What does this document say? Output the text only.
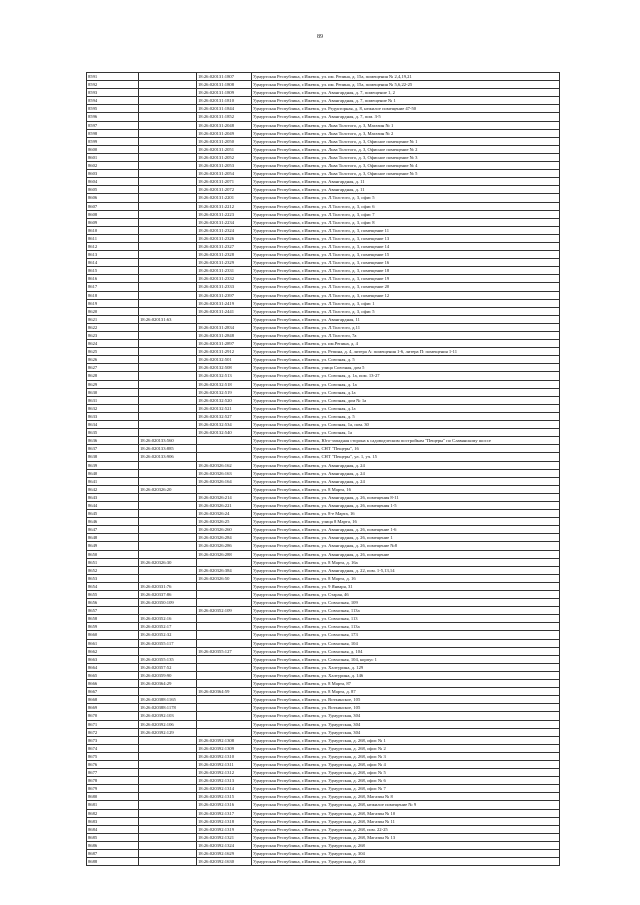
89
8591		18:26:020131:1807	Удмуртская Республика, г.Ижевск, ул. им. Репина, д. 15а, помещения № 2,4,19,21
8592		18:26:020131:1808	Удмуртская Республика, г.Ижевск, ул. им. Репина, д. 15а, помещения № 5,6,22-25
8593		18:26:020131:1809	Удмуртская Республика, г.Ижевск, ул. Авангардная, д. 7, помещение 1, 2
8594		18:26:020131:1810	Удмуртская Республика, г.Ижевск, ул. Авангардная, д. 7, помещение № 1
8595		18:26:020131:1844	Удмуртская Республика, г.Ижевск, ул. Редукторная, д. 8, нежилое помещение 47-50
8596		18:26:020131:1852	Удмуртская Республика, г.Ижевск, ул. Авангардная, д. 7, пом. 3-5
8597		18:26:020131:2048	Удмуртская Республика, г.Ижевск, ул. Льва Толстого, д. 3, Магазин № 1
8598		18:26:020131:2049	Удмуртская Республика, г.Ижевск, ул. Льва Толстого, д. 3, Магазин № 2
8599		18:26:020131:2050	Удмуртская Республика, г.Ижевск, ул. Льва Толстого, д. 3, Офисное помещение № 1
8600		18:26:020131:2051	Удмуртская Республика, г.Ижевск, ул. Льва Толстого, д. 3, Офисное помещение № 2
8601		18:26:020131:2052	Удмуртская Республика, г.Ижевск, ул. Льва Толстого, д. 3, Офисное помещение № 3
8602		18:26:020131:2053	Удмуртская Республика, г.Ижевск, ул. Льва Толстого, д. 3, Офисное помещение № 4
8603		18:26:020131:2054	Удмуртская Республика, г.Ижевск, ул. Льва Толстого, д. 3, Офисное помещение № 5
8604		18:26:020131:2071	Удмуртская Республика, г.Ижевск, ул. Авангардная, д. 11
8605		18:26:020131:2072	Удмуртская Республика, г.Ижевск, ул. Авангардная, д. 11
8606		18:26:020131:2201	Удмуртская Республика, г.Ижевск, ул. Л.Толстого, д. 3, офис 5
8607		18:26:020131:2212	Удмуртская Республика, г.Ижевск, ул. Л.Толстого, д. 3, офис 6
8608		18:26:020131:2223	Удмуртская Республика, г.Ижевск, ул. Л.Толстого, д. 3, офис 7
8609		18:26:020131:2234	Удмуртская Республика, г.Ижевск, ул. Л.Толстого, д. 3, офис 8
8610		18:26:020131:2324	Удмуртская Республика, г.Ижевск, ул. Л.Толстого, д. 3, помещение 11
8611		18:26:020131:2326	Удмуртская Республика, г.Ижевск, ул. Л.Толстого, д. 3, помещение 13
8612		18:26:020131:2327	Удмуртская Республика, г.Ижевск, ул. Л.Толстого, д. 3, помещение 14
8613		18:26:020131:2328	Удмуртская Республика, г.Ижевск, ул. Л.Толстого, д. 3, помещение 15
8614		18:26:020131:2329	Удмуртская Республика, г.Ижевск, ул. Л.Толстого, д. 3, помещение 16
8615		18:26:020131:2331	Удмуртская Республика, г.Ижевск, ул. Л.Толстого, д. 3, помещение 18
8616		18:26:020131:2332	Удмуртская Республика, г.Ижевск, ул. Л.Толстого, д. 3, помещение 19
8617		18:26:020131:2333	Удмуртская Республика, г.Ижевск, ул. Л.Толстого, д. 3, помещение 20
8618		18:26:020131:2397	Удмуртская Республика, г.Ижевск, ул. Л.Толстого, д. 3, помещение 12
8619		18:26:020131:2419	Удмуртская Республика, г.Ижевск, ул. Л.Толстого, д. 3, офис 1
8620		18:26:020131:2441	Удмуртская Республика, г.Ижевск, ул. Л.Толстого, д. 3, офис 5
8621	18:26:020131:63		Удмуртская Республика, г.Ижевск, ул. Авангардная, 11
8622		18:26:020131:2834	Удмуртская Республика, г.Ижевск, ул. Л.Толстого, д.11
8623		18:26:020131:2848	Удмуртская Республика, г.Ижевск, ул. Л.Толстого, 7а
8624		18:26:020131:2897	Удмуртская Республика, г.Ижевск, ул. им.Репина, д. 4
8625		18:26:020131:2912	Удмуртская Республика, г.Ижевск, ул. Репина, д. 4, литера А: помещения 1-6, литера П: помещения 1-11
8626		18:26:020132:501	Удмуртская Республика, г.Ижевск, ул. Союзная, д. 5
8627		18:26:020132:508	Удмуртская Республика, г.Ижевск, улица Союзная, дом 5
8628		18:26:020132:513	Удмуртская Республика, г.Ижевск, ул. Союзная, д. 1а, пом. 13-27
8629		18:26:020132:518	Удмуртская Республика, г.Ижевск, ул. Союзная, д. 1а
8630		18:26:020132:519	Удмуртская Республика, г.Ижевск, ул. Союзная, д.1а
8631		18:26:020132:520	Удмуртская Республика, г.Ижевск, ул. Союзная, дом № 1а
8632		18:26:020132:521	Удмуртская Республика, г.Ижевск, ул. Союзная, д.1а
8633		18:26:020132:527	Удмуртская Республика, г.Ижевск, ул. Союзная, д. 5
8634		18:26:020132:534	Удмуртская Республика, г.Ижевск, ул. Союзная, 1а, пом. 30
8635		18:26:020132:540	Удмуртская Республика, г.Ижевск, ул. Союзная, 1а
8636	18:26:020133:560		Удмуртская Республика, г.Ижевск, Юго-западная сторона к садоводческим постройкам "Пещеры" по Славянскому шоссе
8637	18:26:020133:885		Удмуртская Республика, г.Ижевск, СНТ "Пещеры", 16
8638	18:26:020133:906		Удмуртская Республика, г.Ижевск, СНТ "Пещеры", ул. 1, уч. 15
8639		18:26:020326:162	Удмуртская Республика, г.Ижевск, ул. Авангардная, д. 24
8640		18:26:020326:163	Удмуртская Республика, г.Ижевск, ул. Авангардная, д. 24
8641		18:26:020326:164	Удмуртская Республика, г.Ижевск, ул. Авангардная, д. 24
8642	18:26:020326:20		Удмуртская Республика, г.Ижевск, ул. 8 Марта, 16
8643		18:26:020326:214	Удмуртская Республика, г.Ижевск, ул. Авангардная, д. 26, помещения 8-11
8644		18:26:020326:221	Удмуртская Республика, г.Ижевск, ул. Авангардная, д. 26, помещения 1-5
8645		18:26:020326:24	Удмуртская Республика, г.Ижевск, ул. 8-е Марта, 16
8646		18:26:020326:25	Удмуртская Республика, г.Ижевск, улица 8 Марта, 16
8647		18:26:020326:260	Удмуртская Республика, г.Ижевск, ул. Авангардная, д. 26, помещение 1-6
8648		18:26:020326:284	Удмуртская Республика, г.Ижевск, ул. Авангардная, д. 26, помещение 1
8649		18:26:020326:286	Удмуртская Республика, г.Ижевск, ул. Авангардная, д. 26, помещение №8
8650		18:26:020326:288	Удмуртская Республика, г.Ижевск, ул. Авангардная, д. 26, помещение
8651	18:26:020326:30		Удмуртская Республика, г.Ижевск, ул. 8 Марта, д. 16а
8652		18:26:020326:384	Удмуртская Республика, г.Ижевск, ул. Авангардная, д. 22, пом. 1-5,13,14
8653		18:26:020326:50	Удмуртская Республика, г.Ижевск, ул. 8 Марта, д. 16
8654	18:26:020331:76		Удмуртская Республика, г.Ижевск, ул. 9 Января, 31
8655	18:26:020337:86		Удмуртская Республика, г.Ижевск, ул. Старая, 46
8656	18:26:020350:109		Удмуртская Республика, г.Ижевск, ул. Совхозная, 109
8657		18:26:020352:109	Удмуртская Республика, г.Ижевск, ул. Совхозная, 113а
8658	18:26:020352:16		Удмуртская Республика, г.Ижевск, ул. Совхозная, 113
8659	18:26:020352:17		Удмуртская Республика, г.Ижевск, ул. Совхозная, 113а
8660	18:26:020352:32		Удмуртская Республика, г.Ижевск, ул. Совхозная, 173
8661	18:26:020355:117		Удмуртская Республика, г.Ижевск, ул. Совхозная, 104
8662		18:26:020355:127	Удмуртская Республика, г.Ижевск, ул. Совхозная, д. 104
8663	18:26:020355:135		Удмуртская Республика, г.Ижевск, ул. Совхозная, 104, корпус 1
8664	18:26:020357:52		Удмуртская Республика, г.Ижевск, ул. Халтурина, д. 129
8665	18:26:020359:90		Удмуртская Республика, г.Ижевск, ул. Халтурина, д. 146
8666	18:26:020364:29		Удмуртская Республика, г.Ижевск, ул. 8 Марта, 87
8667		18:26:020364:59	Удмуртская Республика, г.Ижевск, ул. 8 Марта, д. 87
8668	18:26:020388:1165		Удмуртская Республика, г.Ижевск, ул. Воткинское, 105
8669	18:26:020388:1178		Удмуртская Республика, г.Ижевск, ул. Воткинское, 105
8670	18:26:020392:103		Удмуртская Республика, г.Ижевск, ул. Удмуртская, 304
8671	18:26:020392:106		Удмуртская Республика, г.Ижевск, ул. Удмуртская, 304
8672	18:26:020392:129		Удмуртская Республика, г.Ижевск, ул. Удмуртская, 304
8673		18:26:020392:1308	Удмуртская Республика, г.Ижевск, ул. Удмуртская, д. 268, офис № 1
8674		18:26:020392:1309	Удмуртская Республика, г.Ижевск, ул. Удмуртская, д. 268, офис № 2
8675		18:26:020392:1310	Удмуртская Республика, г.Ижевск, ул. Удмуртская, д. 268, офис № 3
8676		18:26:020392:1311	Удмуртская Республика, г.Ижевск, ул. Удмуртская, д. 268, офис № 4
8677		18:26:020392:1312	Удмуртская Республика, г.Ижевск, ул. Удмуртская, д. 268, офис № 5
8678		18:26:020392:1313	Удмуртская Республика, г.Ижевск, ул. Удмуртская, д. 268, офис № 6
8679		18:26:020392:1314	Удмуртская Республика, г.Ижевск, ул. Удмуртская, д. 268, офис № 7
8680		18:26:020392:1315	Удмуртская Республика, г.Ижевск, ул. Удмуртская, д. 268, Магазин № 8
8681		18:26:020392:1316	Удмуртская Республика, г.Ижевск, ул. Удмуртская, д. 268, нежилое помещение № 9
8682		18:26:020392:1317	Удмуртская Республика, г.Ижевск, ул. Удмуртская, д. 268, Магазин № 10
8683		18:26:020392:1318	Удмуртская Республика, г.Ижевск, ул. Удмуртская, д. 268, Магазин № 11
8684		18:26:020392:1319	Удмуртская Республика, г.Ижевск, ул. Удмуртская, д. 268, пом. 22-25
8685		18:26:020392:1321	Удмуртская Республика, г.Ижевск, ул. Удмуртская, д. 268, Магазин № 13
8686		18:26:020392:1324	Удмуртская Республика, г.Ижевск, ул. Удмуртская, д. 268
8687		18:26:020392:1629	Удмуртская Республика, г.Ижевск, ул. Удмуртская, д. 304
8688		18:26:020392:1630	Удмуртская Республика, г.Ижевск, ул. Удмуртская, д. 304
